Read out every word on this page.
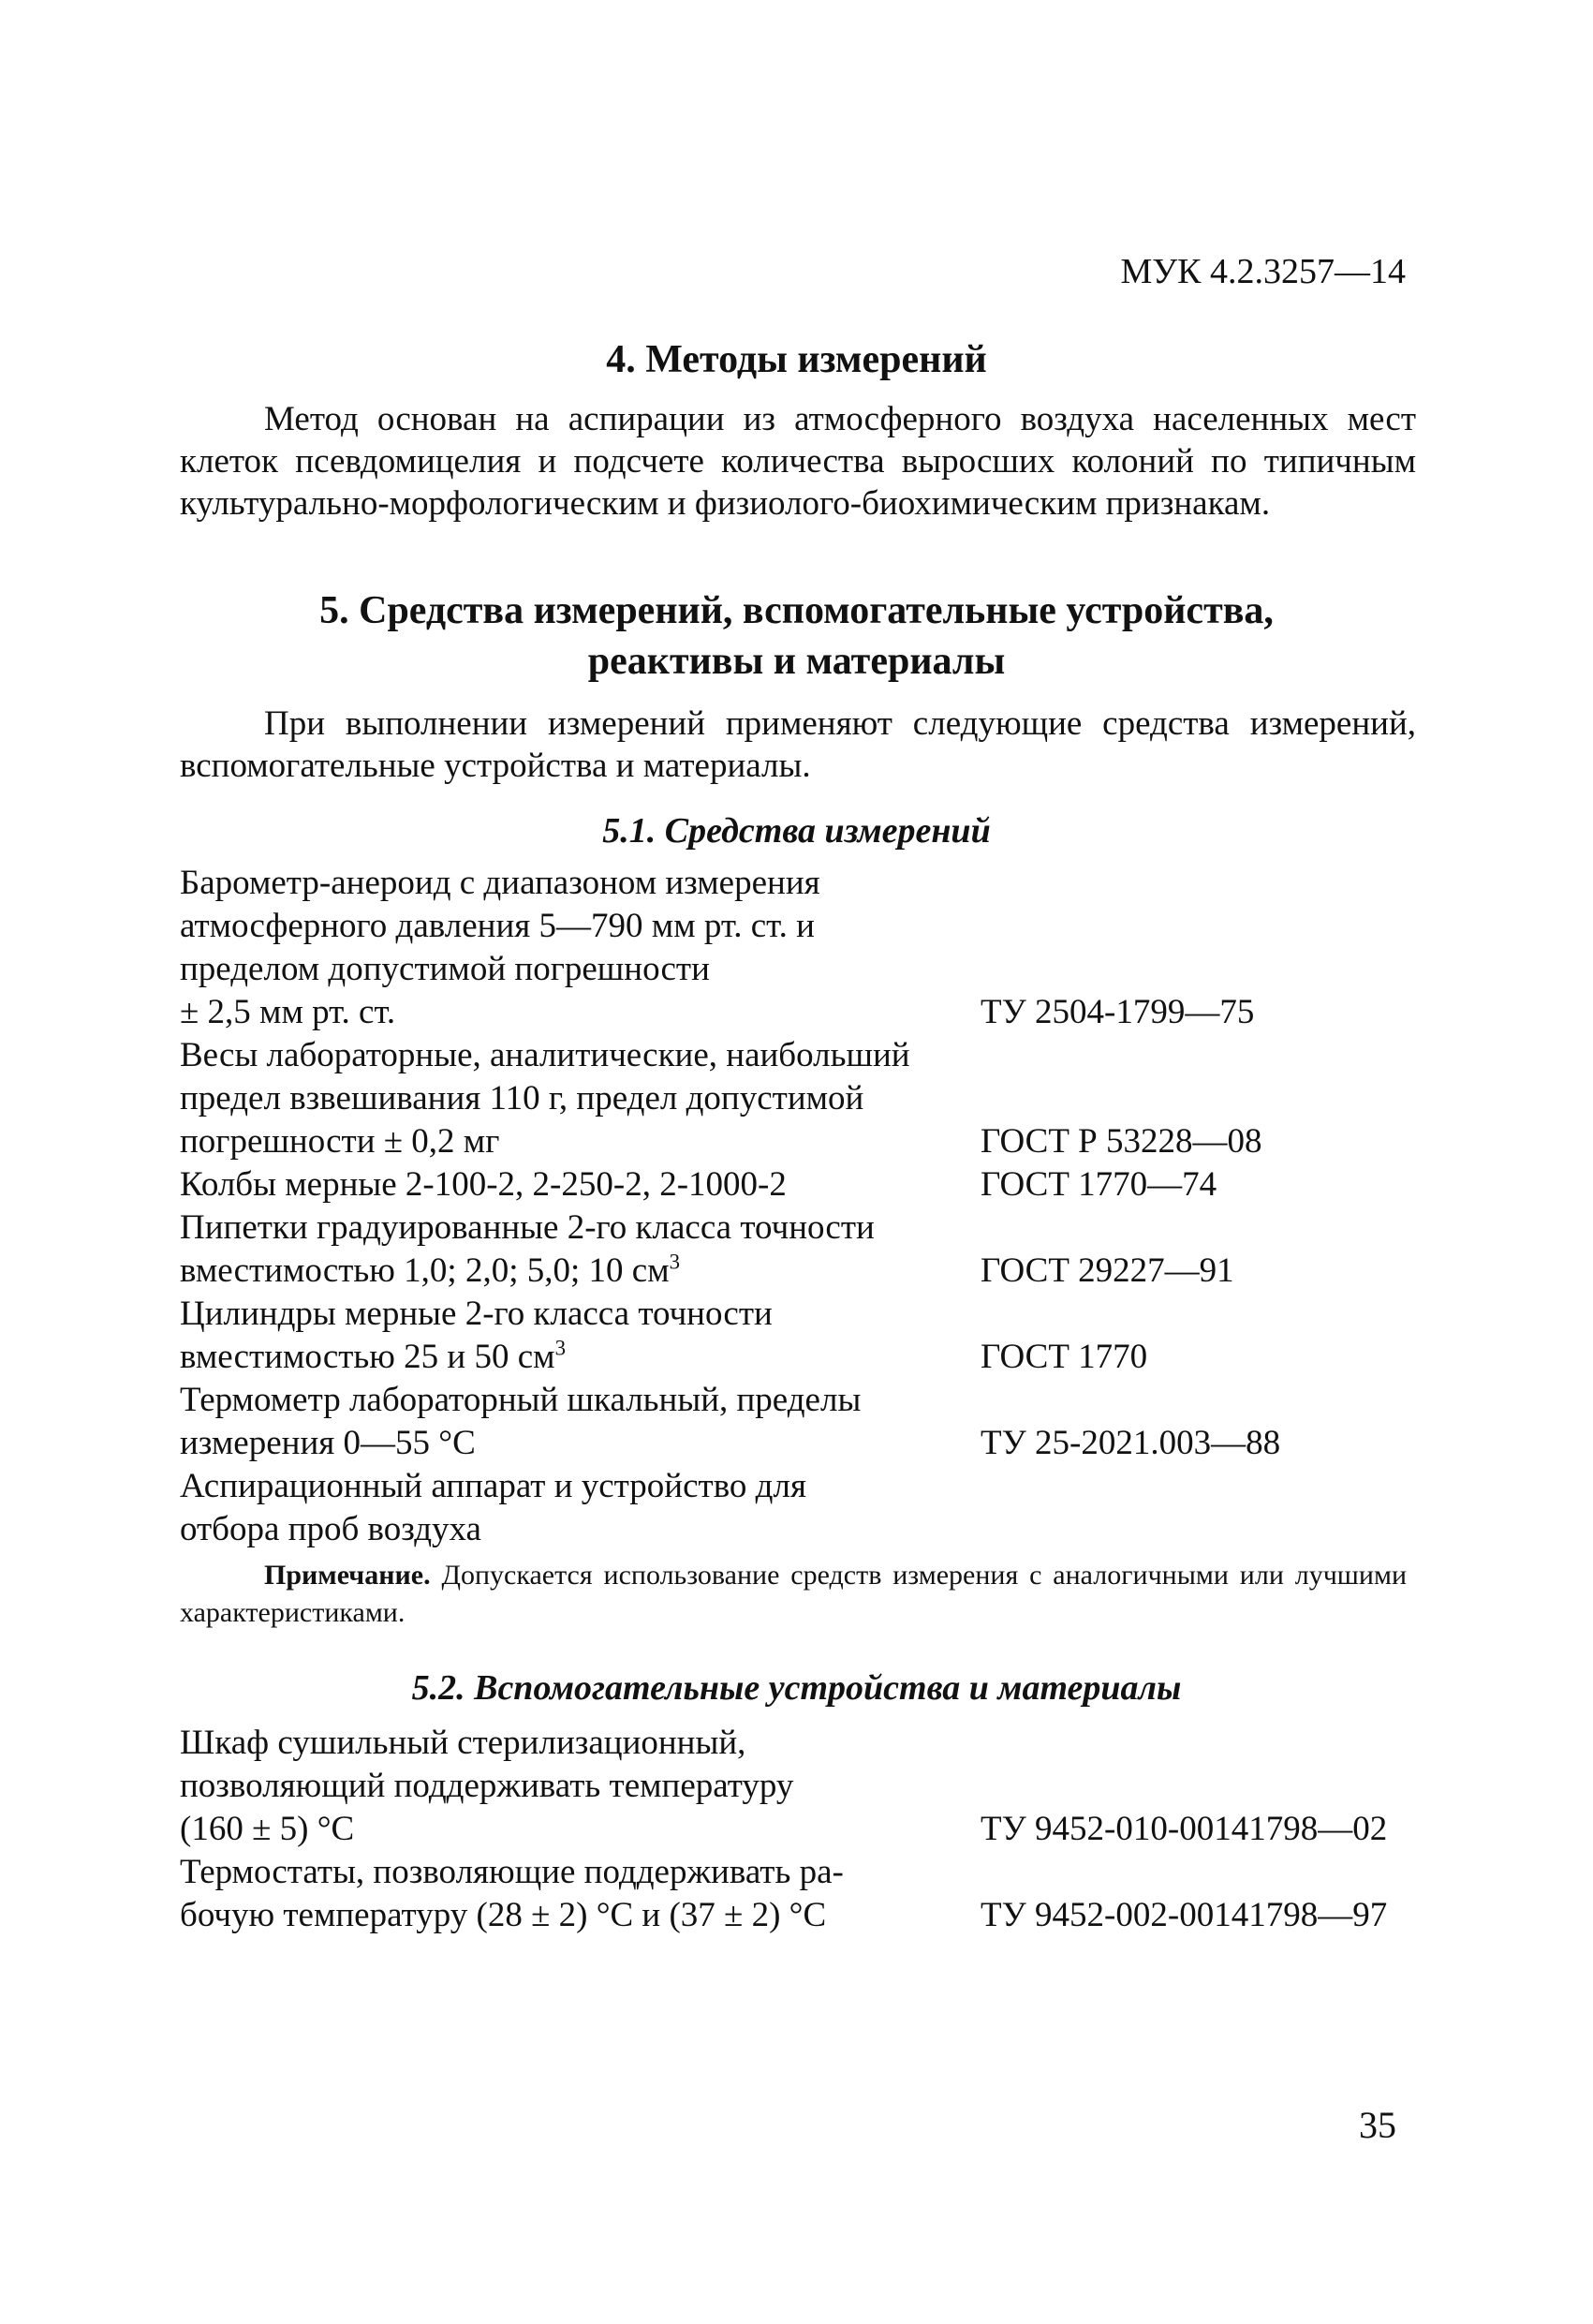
МУК 4.2.3257—14
4. Методы измерений

Метод основан на аспирации из атмосферного воздуха населенных мест клеток псевдомицелия и подсчете количества выросших колоний по типичным культурально-морфологическим и физиолого-биохимическим признакам.

5. Средства измерений, вспомогательные устройства,
реактивы и материалы

При выполнении измерений применяют следующие средства измерений, вспомогательные устройства и материалы.

5.1. Средства измерений
Барометр-анероид с диапазоном измерения
атмосферного давления 5—790 мм рт. ст. и
пределом допустимой погрешности
± 2,5 мм рт. ст.	ТУ 2504-1799—75
Весы лабораторные, аналитические, наибольший
предел взвешивания 110 г, предел допустимой
погрешности ± 0,2 мг	ГОСТ Р 53228—08
Колбы мерные 2-100-2, 2-250-2, 2-1000-2	ГОСТ 1770—74
Пипетки градуированные 2-го класса точности
вместимостью 1,0; 2,0; 5,0; 10 $см^3$	ГОСТ 29227—91
Цилиндры мерные 2-го класса точности
вместимостью 25 и 50 $см^3$	ГОСТ 1770
Термометр лабораторный шкальный, пределы
измерения 0—55 °С	ТУ 25-2021.003—88
Аспирационный аппарат и устройство для
отбора проб воздуха

Примечание. Допускается использование средств измерения с аналогичными или лучшими характеристиками.

5.2. Вспомогательные устройства и материалы
Шкаф сушильный стерилизационный,
позволяющий поддерживать температуру
(160 ± 5) °С	ТУ 9452-010-00141798—02
Термостаты, позволяющие поддерживать ра-
бочую температуру (28 ± 2) °С и (37 ± 2) °С	ТУ 9452-002-00141798—97
35
